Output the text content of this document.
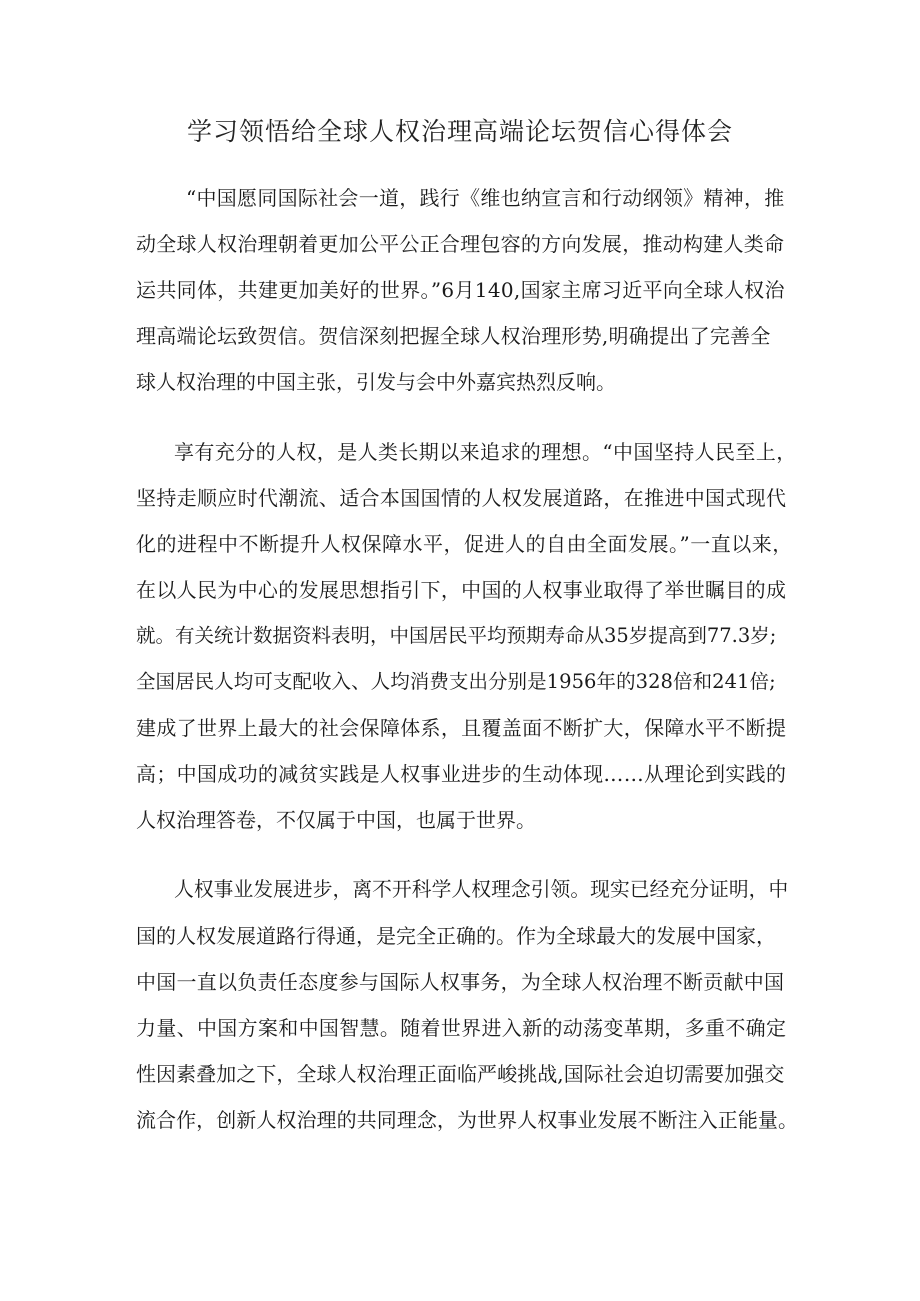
学习领悟给全球人权治理高端论坛贺信心得体会

“中国愿同国际社会一道，践行《维也纳宣言和行动纲领》精神，推

动全球人权治理朝着更加公平公正合理包容的方向发展，推动构建人类命

运共同体，共建更加美好的世界。”6月140,国家主席习近平向全球人权治

理高端论坛致贺信。贺信深刻把握全球人权治理形势,明确提出了完善全

球人权治理的中国主张，引发与会中外嘉宾热烈反响。

享有充分的人权，是人类长期以来追求的理想。“中国坚持人民至上，

坚持走顺应时代潮流、适合本国国情的人权发展道路，在推进中国式现代

化的进程中不断提升人权保障水平，促进人的自由全面发展。”一直以来，

在以人民为中心的发展思想指引下，中国的人权事业取得了举世瞩目的成

就。有关统计数据资料表明，中国居民平均预期寿命从35岁提高到77.3岁;

全国居民人均可支配收入、人均消费支出分别是1956年的328倍和241倍;

建成了世界上最大的社会保障体系，且覆盖面不断扩大，保障水平不断提

高；中国成功的减贫实践是人权事业进步的生动体现……从理论到实践的

人权治理答卷，不仅属于中国，也属于世界。

人权事业发展进步，离不开科学人权理念引领。现实已经充分证明，中

国的人权发展道路行得通，是完全正确的。作为全球最大的发展中国家，

中国一直以负责任态度参与国际人权事务，为全球人权治理不断贡献中国

力量、中国方案和中国智慧。随着世界进入新的动荡变革期，多重不确定

性因素叠加之下，全球人权治理正面临严峻挑战,国际社会迫切需要加强交

流合作，创新人权治理的共同理念，为世界人权事业发展不断注入正能量。
